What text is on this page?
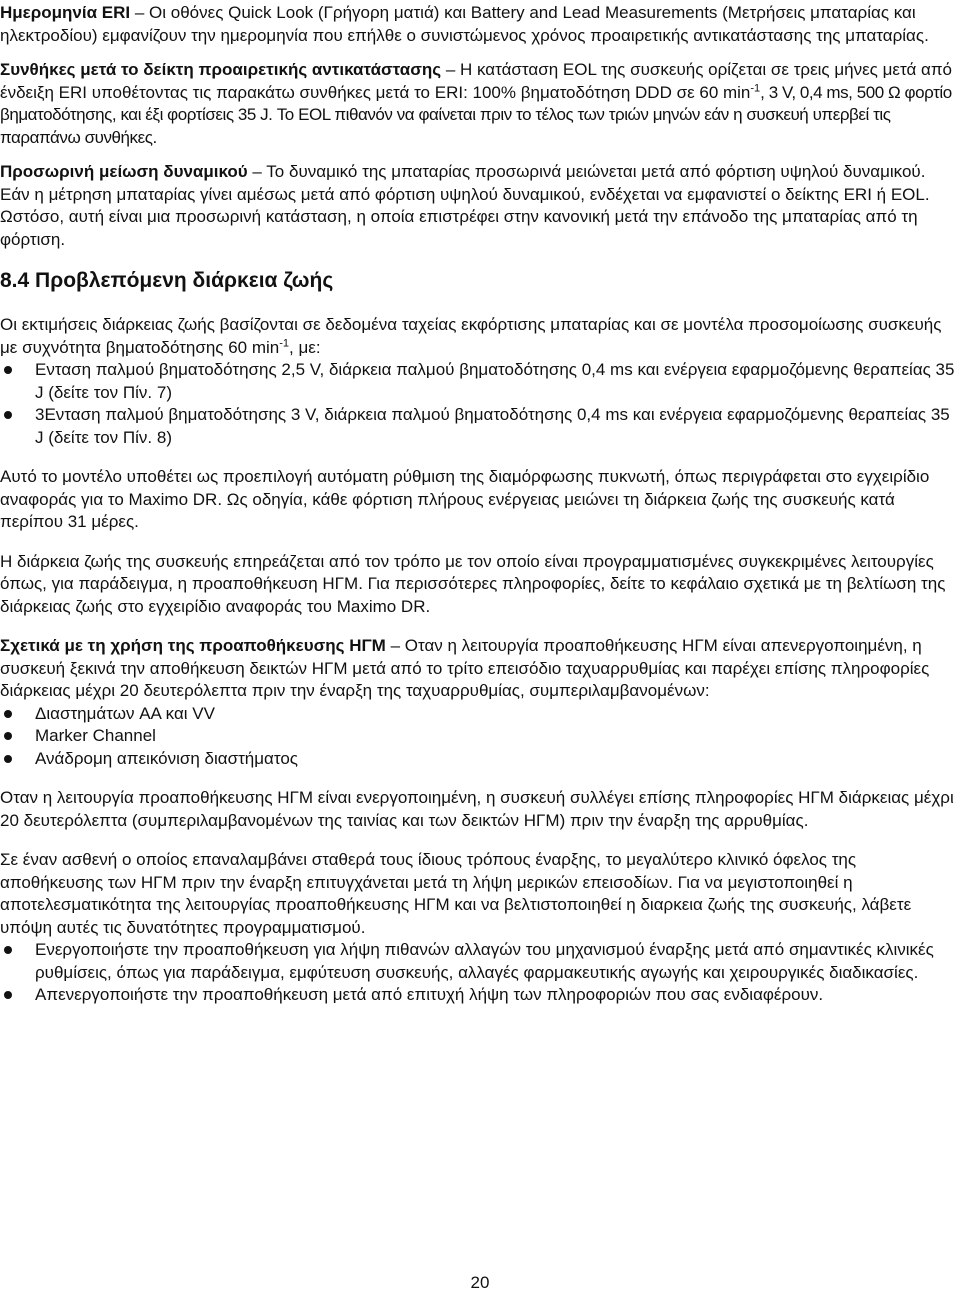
Ημερομηνία ERI – Οι οθόνες Quick Look (Γρήγορη ματιά) και Battery and Lead Measurements (Μετρήσεις μπαταρίας και ηλεκτροδίου) εμφανίζουν την ημερομηνία που επήλθε ο συνιστώμενος χρόνος προαιρετικής αντικατάστασης της μπαταρίας.

Συνθήκες μετά το δείκτη προαιρετικής αντικατάστασης – Η κατάσταση EOL της συσκευής ορίζεται σε τρεις μήνες μετά από ένδειξη ERI υποθέτοντας τις παρακάτω συνθήκες μετά το ERI: 100% βηματοδότηση DDD σε 60 $\min^{-1}$, 3 V, 0,4 ms, 500 Ω φορτίο βηματοδότησης, και έξι φορτίσεις 35 J. Το EOL πιθανόν να φαίνεται πριν το τέλος των τριών μηνών εάν η συσκευή υπερβεί τις παραπάνω συνθήκες.

Προσωρινή μείωση δυναμικού – Το δυναμικό της μπαταρίας προσωρινά μειώνεται μετά από φόρτιση υψηλού δυναμικού. Εάν η μέτρηση μπαταρίας γίνει αμέσως μετά από φόρτιση υψηλού δυναμικού, ενδέχεται να εμφανιστεί ο δείκτης ERI ή EOL. Ωστόσο, αυτή είναι μια προσωρινή κατάσταση, η οποία επιστρέφει στην κανονική μετά την επάνοδο της μπαταρίας από τη φόρτιση.

8.4 Προβλεπόμενη διάρκεια ζωής

Οι εκτιμήσεις διάρκειας ζωής βασίζονται σε δεδομένα ταχείας εκφόρτισης μπαταρίας και σε μοντέλα προσομοίωσης συσκευής με συχνότητα βηματοδότησης 60 $\min^{-1}$, με:

Ενταση παλμού βηματοδότησης 2,5 V, διάρκεια παλμού βηματοδότησης 0,4 ms και ενέργεια εφαρμοζόμενης θεραπείας 35 J (δείτε τον Πίν. 7)
3Ενταση παλμού βηματοδότησης 3 V, διάρκεια παλμού βηματοδότησης 0,4 ms και ενέργεια εφαρμοζόμενης θεραπείας 35 J (δείτε τον Πίν. 8)

Αυτό το μοντέλο υποθέτει ως προεπιλογή αυτόματη ρύθμιση της διαμόρφωσης πυκνωτή, όπως περιγράφεται στο εγχειρίδιο αναφοράς για το Maximo DR. Ως οδηγία, κάθε φόρτιση πλήρους ενέργειας μειώνει τη διάρκεια ζωής της συσκευής κατά περίπου 31 μέρες.

Η διάρκεια ζωής της συσκευής επηρεάζεται από τον τρόπο με τον οποίο είναι προγραμματισμένες συγκεκριμένες λειτουργίες όπως, για παράδειγμα, η προαποθήκευση ΗΓΜ. Για περισσότερες πληροφορίες, δείτε το κεφάλαιο σχετικά με τη βελτίωση της διάρκειας ζωής στο εγχειρίδιο αναφοράς του Maximo DR.

Σχετικά με τη χρήση της προαποθήκευσης ΗΓΜ – Οταν η λειτουργία προαποθήκευσης ΗΓΜ είναι απενεργοποιημένη, η συσκευή ξεκινά την αποθήκευση δεικτών ΗΓΜ μετά από το τρίτο επεισόδιο ταχυαρρυθμίας και παρέχει επίσης πληροφορίες διάρκειας μέχρι 20 δευτερόλεπτα πριν την έναρξη της ταχυαρρυθμίας, συμπεριλαμβανομένων:

Διαστημάτων AA και VV
Marker Channel
Ανάδρομη απεικόνιση διαστήματος

Οταν η λειτουργία προαποθήκευσης ΗΓΜ είναι ενεργοποιημένη, η συσκευή συλλέγει επίσης πληροφορίες ΗΓΜ διάρκειας μέχρι 20 δευτερόλεπτα (συμπεριλαμβανομένων της ταινίας και των δεικτών ΗΓΜ) πριν την έναρξη της αρρυθμίας.

Σε έναν ασθενή ο οποίος επαναλαμβάνει σταθερά τους ίδιους τρόπους έναρξης, το μεγαλύτερο κλινικό όφελος της αποθήκευσης των ΗΓΜ πριν την έναρξη επιτυγχάνεται μετά τη λήψη μερικών επεισοδίων. Για να μεγιστοποιηθεί η αποτελεσματικότητα της λειτουργίας προαποθήκευσης ΗΓΜ και να βελτιστοποιηθεί η διαρκεια ζωής της συσκευής, λάβετε υπόψη αυτές τις δυνατότητες προγραμματισμού.

Ενεργοποιήστε την προαποθήκευση για λήψη πιθανών αλλαγών του μηχανισμού έναρξης μετά από σημαντικές κλινικές ρυθμίσεις, όπως για παράδειγμα, εμφύτευση συσκευής, αλλαγές φαρμακευτικής αγωγής και χειρουργικές διαδικασίες.
Απενεργοποιήστε την προαποθήκευση μετά από επιτυχή λήψη των πληροφοριών που σας ενδιαφέρουν.
20
